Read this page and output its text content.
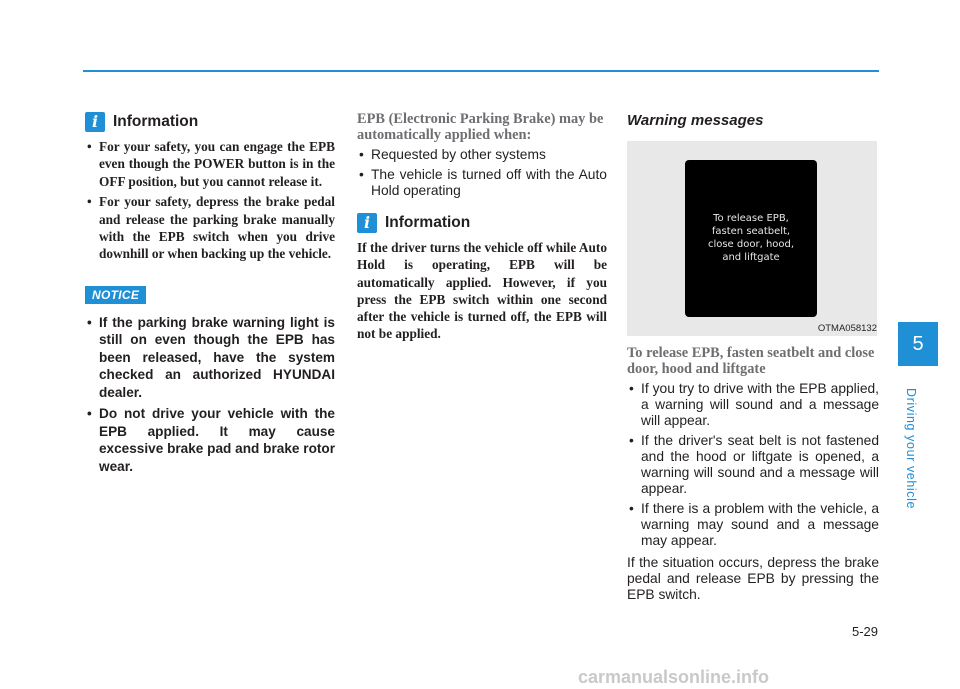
i Information
• For your safety, you can engage the EPB even though the POWER button is in the OFF position, but you cannot release it.
• For your safety, depress the brake pedal and release the parking brake manually with the EPB switch when you drive downhill or when backing up the vehicle.
NOTICE
• If the parking brake warning light is still on even though the EPB has been released, have the system checked an authorized HYUNDAI dealer.
• Do not drive your vehicle with the EPB applied. It may cause excessive brake pad and brake rotor wear.
EPB (Electronic Parking Brake) may be automatically applied when:
• Requested by other systems
• The vehicle is turned off with the Auto Hold operating
i Information

If the driver turns the vehicle off while Auto Hold is operating, EPB will be automatically applied. However, if you press the EPB switch within one second after the vehicle is turned off, the EPB will not be applied.

Warning messages
To release EPB,
fasten seatbelt,
close door, hood,
and liftgate
OTMA058132
To release EPB, fasten seatbelt and close door, hood and liftgate
• If you try to drive with the EPB applied, a warning will sound and a message will appear.
• If the driver's seat belt is not fastened and the hood or liftgate is opened, a warning will sound and a message will appear.
• If there is a problem with the vehicle, a warning may sound and a message may appear.

If the situation occurs, depress the brake pedal and release EPB by pressing the EPB switch.

5
Driving your vehicle
5-29
carmanualsonline.info
